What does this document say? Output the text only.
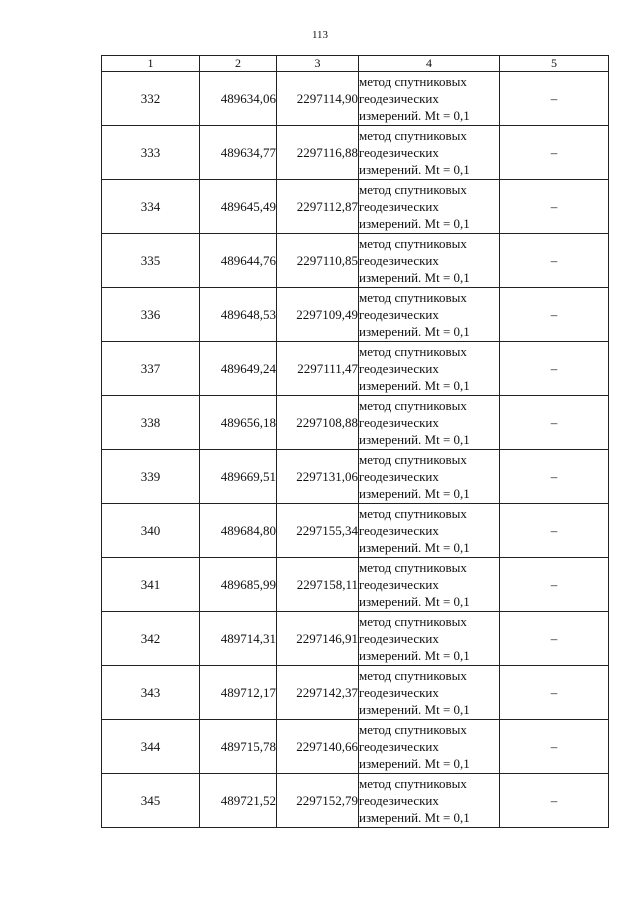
113
1	2	3	4	5
332	489634,06	2297114,90	метод спутниковых
геодезических
измерений. Mt = 0,1	–
333	489634,77	2297116,88	метод спутниковых
геодезических
измерений. Mt = 0,1	–
334	489645,49	2297112,87	метод спутниковых
геодезических
измерений. Mt = 0,1	–
335	489644,76	2297110,85	метод спутниковых
геодезических
измерений. Mt = 0,1	–
336	489648,53	2297109,49	метод спутниковых
геодезических
измерений. Mt = 0,1	–
337	489649,24	2297111,47	метод спутниковых
геодезических
измерений. Mt = 0,1	–
338	489656,18	2297108,88	метод спутниковых
геодезических
измерений. Mt = 0,1	–
339	489669,51	2297131,06	метод спутниковых
геодезических
измерений. Mt = 0,1	–
340	489684,80	2297155,34	метод спутниковых
геодезических
измерений. Mt = 0,1	–
341	489685,99	2297158,11	метод спутниковых
геодезических
измерений. Mt = 0,1	–
342	489714,31	2297146,91	метод спутниковых
геодезических
измерений. Mt = 0,1	–
343	489712,17	2297142,37	метод спутниковых
геодезических
измерений. Mt = 0,1	–
344	489715,78	2297140,66	метод спутниковых
геодезических
измерений. Mt = 0,1	–
345	489721,52	2297152,79	метод спутниковых
геодезических
измерений. Mt = 0,1	–
